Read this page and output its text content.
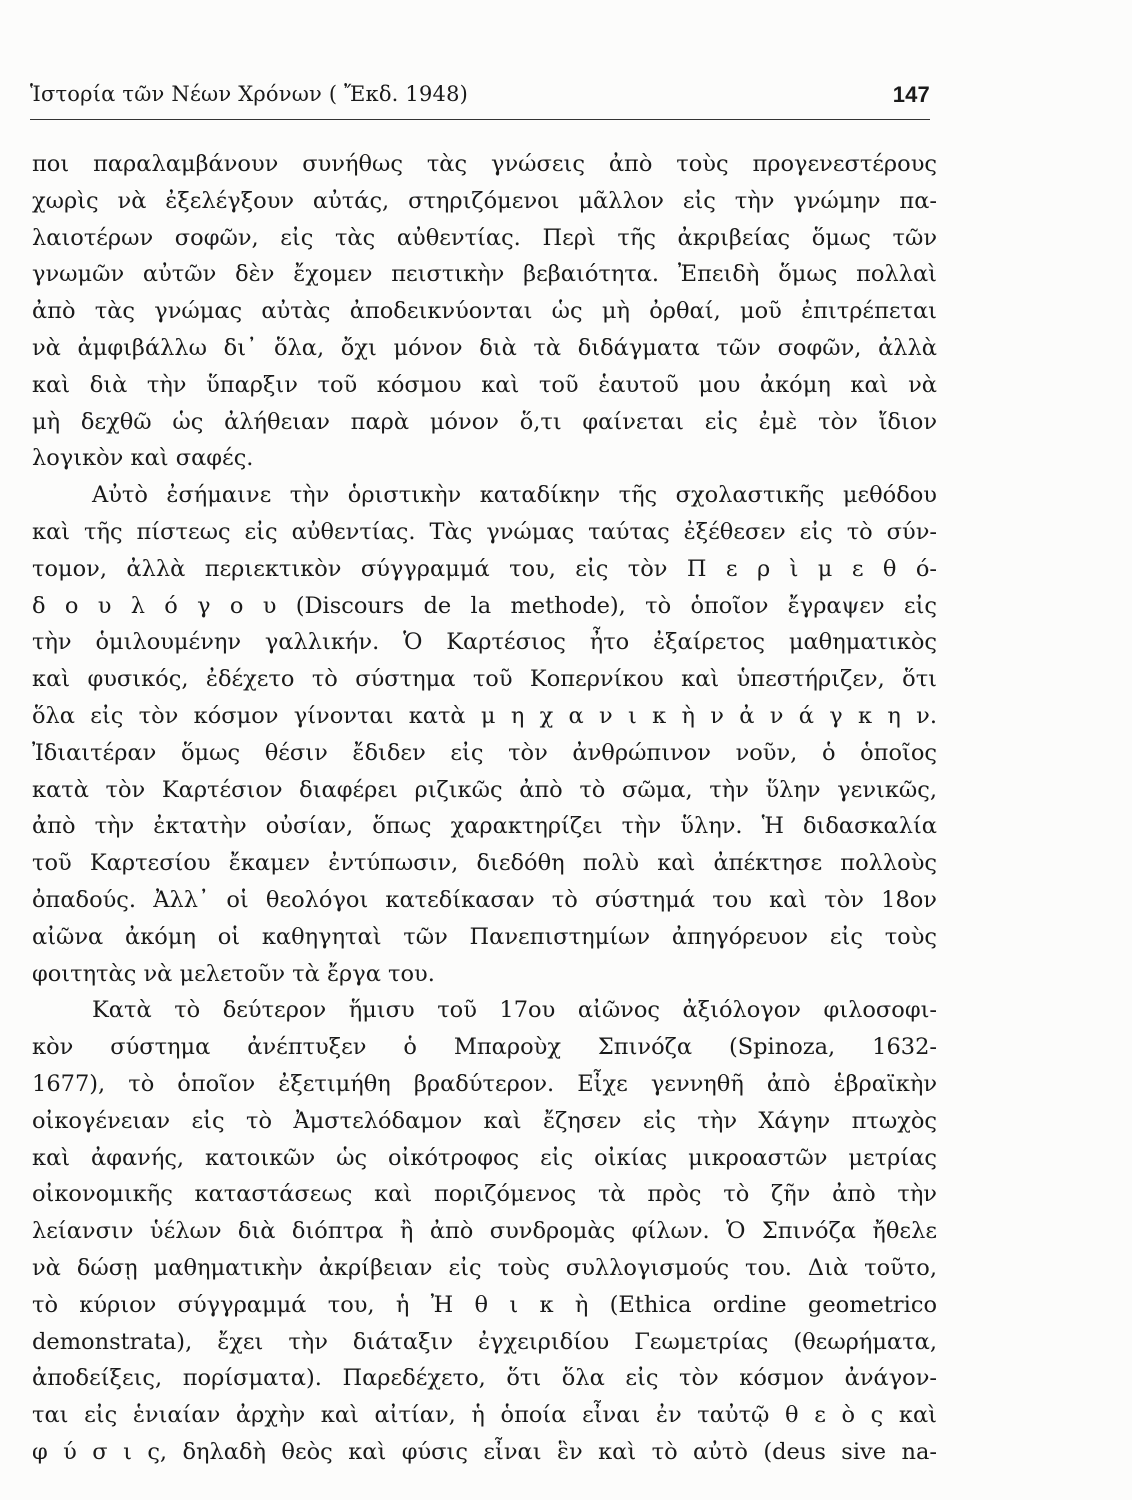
Ἱστορία τῶν Νέων Χρόνων ( Ἔκδ. 1948)	147
ποι παραλαμβάνουν συνήθως τὰς γνώσεις ἀπὸ τοὺς προγενεστέρους
χωρὶς νὰ ἐξελέγξουν αὐτάς, στηριζόμενοι μᾶλλον εἰς τὴν γνώμην πα-
λαιοτέρων σοφῶν, εἰς τὰς αὐθεντίας. Περὶ τῆς ἀκριβείας ὅμως τῶν
γνωμῶν αὐτῶν δὲν ἔχομεν πειστικὴν βεβαιότητα. Ἐπειδὴ ὅμως πολλαὶ
ἀπὸ τὰς γνώμας αὐτὰς ἀποδεικνύονται ὡς μὴ ὀρθαί, μοῦ ἐπιτρέπεται
νὰ ἀμφιβάλλω δι᾽ ὅλα, ὄχι μόνον διὰ τὰ διδάγματα τῶν σοφῶν, ἀλλὰ
καὶ διὰ τὴν ὕπαρξιν τοῦ κόσμου καὶ τοῦ ἑαυτοῦ μου ἀκόμη καὶ νὰ
μὴ δεχθῶ ὡς ἀλήθειαν παρὰ μόνον ὅ,τι φαίνεται εἰς ἐμὲ τὸν ἴδιον
λογικὸν καὶ σαφές.
Αὐτὸ ἐσήμαινε τὴν ὁριστικὴν καταδίκην τῆς σχολαστικῆς μεθόδου
καὶ τῆς πίστεως εἰς αὐθεντίας. Τὰς γνώμας ταύτας ἐξέθεσεν εἰς τὸ σύν-
τομον, ἀλλὰ περιεκτικὸν σύγγραμμά του, εἰς τὸν Π ε ρ ὶ μ ε θ ό-
δ ο υ λ ό γ ο υ (Discours de la methode), τὸ ὁποῖον ἔγραψεν εἰς
τὴν ὁμιλουμένην γαλλικήν. Ὁ Καρτέσιος ἦτο ἐξαίρετος μαθηματικὸς
καὶ φυσικός, ἐδέχετο τὸ σύστημα τοῦ Κοπερνίκου καὶ ὑπεστήριζεν, ὅτι
ὅλα εἰς τὸν κόσμον γίνονται κατὰ μ η χ α ν ι κ ὴ ν ἀ ν ά γ κ η ν.
Ἰδιαιτέραν ὅμως θέσιν ἔδιδεν εἰς τὸν ἀνθρώπινον νοῦν, ὁ ὁποῖος
κατὰ τὸν Καρτέσιον διαφέρει ριζικῶς ἀπὸ τὸ σῶμα, τὴν ὕλην γενικῶς,
ἀπὸ τὴν ἐκτατὴν οὐσίαν, ὅπως χαρακτηρίζει τὴν ὕλην. Ἡ διδασκαλία
τοῦ Καρτεσίου ἔκαμεν ἐντύπωσιν, διεδόθη πολὺ καὶ ἀπέκτησε πολλοὺς
ὀπαδούς. Ἀλλ᾽ οἱ θεολόγοι κατεδίκασαν τὸ σύστημά του καὶ τὸν 18ον
αἰῶνα ἀκόμη οἱ καθηγηταὶ τῶν Πανεπιστημίων ἀπηγόρευον εἰς τοὺς
φοιτητὰς νὰ μελετοῦν τὰ ἔργα του.
Κατὰ τὸ δεύτερον ἥμισυ τοῦ 17ου αἰῶνος ἀξιόλογον φιλοσοφι-
κὸν σύστημα ἀνέπτυξεν ὁ Μπαροὺχ Σπινόζα (Spinoza, 1632-
1677), τὸ ὁποῖον ἐξετιμήθη βραδύτερον. Εἶχε γεννηθῆ ἀπὸ ἑβραϊκὴν
οἰκογένειαν εἰς τὸ Ἀμστελόδαμον καὶ ἔζησεν εἰς τὴν Χάγην πτωχὸς
καὶ ἀφανής, κατοικῶν ὡς οἰκότροφος εἰς οἰκίας μικροαστῶν μετρίας
οἰκονομικῆς καταστάσεως καὶ ποριζόμενος τὰ πρὸς τὸ ζῆν ἀπὸ τὴν
λείανσιν ὑέλων διὰ διόπτρα ἢ ἀπὸ συνδρομὰς φίλων. Ὁ Σπινόζα ἤθελε
νὰ δώσῃ μαθηματικὴν ἀκρίβειαν εἰς τοὺς συλλογισμούς του. Διὰ τοῦτο,
τὸ κύριον σύγγραμμά του, ἡ Ἠ θ ι κ ὴ (Ethica ordine geometrico
demonstrata), ἔχει τὴν διάταξιν ἐγχειριδίου Γεωμετρίας (θεωρήματα,
ἀποδείξεις, πορίσματα). Παρεδέχετο, ὅτι ὅλα εἰς τὸν κόσμον ἀνάγον-
ται εἰς ἑνιαίαν ἀρχὴν καὶ αἰτίαν, ἡ ὁποία εἶναι ἐν ταὐτῷ θ ε ὸ ς καὶ
φ ύ σ ι ς, δηλαδὴ θεὸς καὶ φύσις εἶναι ἓν καὶ τὸ αὐτὸ (deus sive na-
